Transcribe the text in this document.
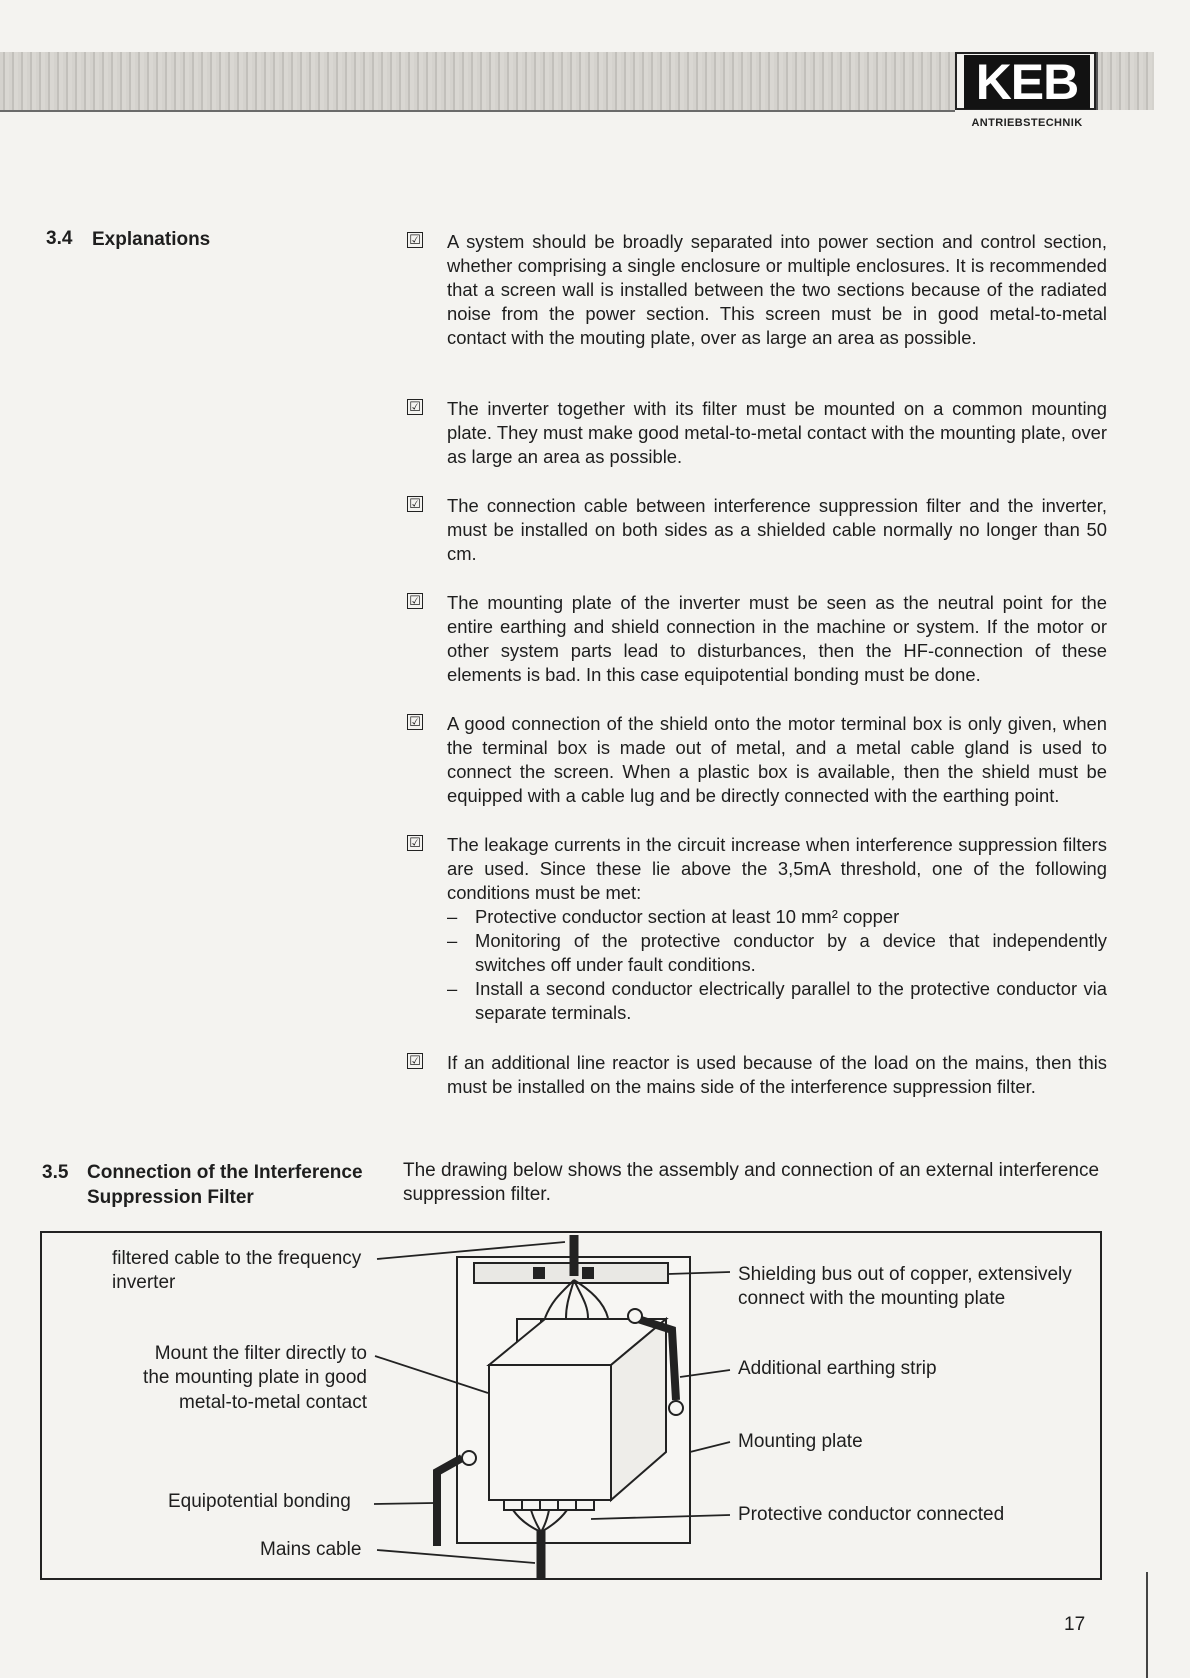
KEB
ANTRIEBSTECHNIK
3.4 Explanations	☑ A system should be broadly separated into power section and control section, whether comprising a single enclosure or multiple enclosures. It is recommended that a screen wall is installed between the two sections because of the radiated noise from the power section. This screen must be in good metal-to-metal contact with the mouting plate, over as large an area as possible.
☑ The inverter together with its filter must be mounted on a common mounting plate. They must make good metal-to-metal contact with the mounting plate, over as large an area as possible.
☑ The connection cable between interference suppression filter and the inverter, must be installed on both sides as a shielded cable normally no longer than 50 cm.
☑ The mounting plate of the inverter must be seen as the neutral point for the entire earthing and shield connection in the machine or system. If the motor or other system parts lead to disturbances, then the HF-connection of these elements is bad. In this case equipotential bonding must be done.
☑ A good connection of the shield onto the motor terminal box is only given, when the terminal box is made out of metal, and a metal cable gland is used to connect the screen. When a plastic box is available, then the shield must be equipped with a cable lug and be directly connected with the earthing point.
☑ The leakage currents in the circuit increase when interference suppression filters are used. Since these lie above the 3,5mA threshold, one of the following conditions must be met:
– Protective conductor section at least 10 mm² copper
– Monitoring of the protective conductor by a device that independently switches off under fault conditions.
– Install a second conductor electrically parallel to the protective conductor via separate terminals.
☑ If an additional line reactor is used because of the load on the mains, then this must be installed on the mains side of the interference suppression filter.
3.5 Connection of the Interference
Suppression Filter
The drawing below shows the assembly and connection of an external interference suppression filter.
filtered cable to the frequency
inverter
Mount the filter directly to
the mounting plate in good
metal-to-metal contact
Equipotential bonding
Mains cable
Shielding bus out of copper, extensively
connect with the mounting plate
Additional earthing strip
Mounting plate
Protective conductor connected
17
